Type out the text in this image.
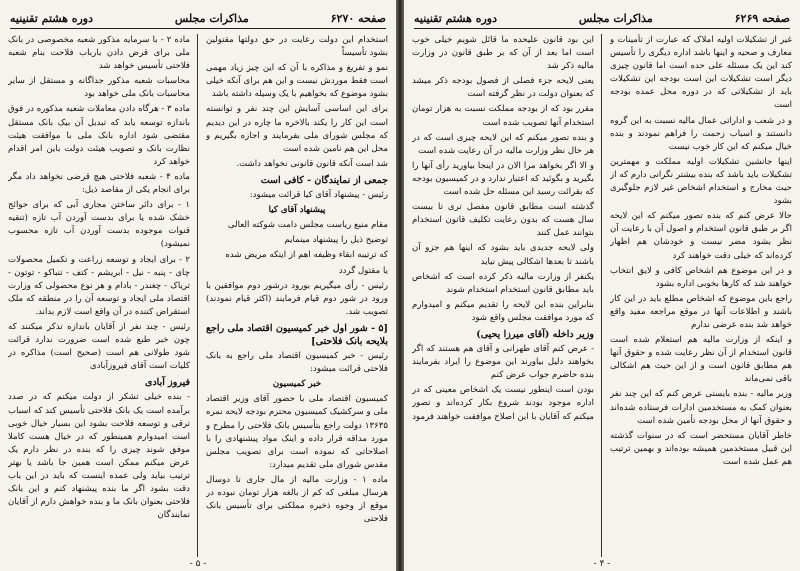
صفحه ۶۲۷۰
مذاکرات مجلس
دوره هشتم تقنینیه

استخدام این دولت رعایت در حق دولتها مقتولین بشود تأسیساً

نمو و تفریغ و مذاکره با آن که این چیز زیاد مهمی است فقط موردش نیست و این هم برای آنکه خیلی بشود موضوع که بخواهیم با یک وسیله داشته باشد

برای این اساسی آسایش این چند نفر و توانسته است این کار را یکند بالاخره ما چاره در این دیدیم که مجلس شورای ملی بفرمایند و اجازه بگیریم و محل این هم نامین شده است

شد است آنکه قانون قانونی نخواهد داشت.

جمعی از نمایندگان - کافی است

رئیس - پیشنهاد آقای کیا قرائت میشود:

پیشنهاد آقای کیا

مقام منیع ریاست مجلس دامت شوکته العالی

توضیح ذیل را پیشنهاد مینمایم

که ترتیبه ابقاء وظیفه اهم از اینکه مریض شده

یا مقتول گردد

رئیس - رأی میگیریم بورود درشور دوم موافقین با ورود در شور دوم قیام فرمایند (اکثر قیام نمودند) تصویب شد.

[۵ - شور اول خبر کمیسیون اقتصاد ملی راجع بلایحه بانک فلاحتی]

رئیس - خبر کمیسیون اقتصاد ملی راجع به بانک فلاحتی قرائت میشود:

خبر کمیسیون

کمیسیون اقتصاد ملی با حضور آقای وزیر اقتصاد ملی و سرکشیک کمیسیون محترم بودجه لایحه نمره ۱۳۶۳۵ دولت راجع بتأسیس بانک فلاحتی را مطرح و مورد مداقه قرار داده و اینک مواد پیشنهادی را با اصلاحاتی که نموده است برای تصویب مجلس مقدس شورای ملی تقدیم میدارد:

ماده ۱ - وزارت مالیه از مال جاری تا دوسال هرسال مبلغی که کم از بالغه هزار تومان نبوده در موقع از وجوه ذخیره مملکتی برای تأسیس بانک فلاحتی

ماده ۲ - با سرمایه مذکور شعبه مخصوصی در بانک ملی برای قرض دادن بارباب فلاحت بنام شعبه فلاحتی تأسیس خواهد شد

محاسبات شعبه مذکور جداگانه و مستقل از سایر محاسبات بانک ملی خواهد بود

ماده ۳ - هرگاه دادن معاملات شعبه مذکوره در فوق باندازه توسعه یابد که تبدیل آن بیک بانک مستقل مقتضی شود اداره بانک ملی با موافقت هیئت نظارت بانک و تصویب هیئت دولت باین امر اقدام خواهد کرد

ماده ۴ - شعبه فلاحتی هیچ قرضی نخواهد داد مگر برای انجام یکی از مقاصد ذیل:

۱ - برای دائر ساختن مجاری آبی که برای حوائج خشک شده یا برای بدست آوردن آب تازه (تنقیه قنوات موجوده بدست آوردن آب تازه محسوب نمیشود)

۲ - برای ایجاد و توسعه زراعت و تکمیل محصولات چای - پنبه - نیل - ابریشم - کتف - تنباکو - توتون - تریاک - چغندر - بادام و هر نوع محصولی که وزارت اقتصاد ملی ایجاد و توسعه آن را در منطقه که ملک استقراض کننده در آن واقع است لازم بداند.

رئیس - چند نفر از آقایان باندازه تذکر میکنند که چون خبر طبع شده است ضرورت ندارد قرائت شود طولانی هم است (صحیح است) مذاکره در کلیات است آقای فیروزآبادی

فیروز آبادی

- بنده خیلی تشکر از دولت میکنم که در صدد برآمده است یک بانک فلاحتی تأسیس کند که اسباب ترقی و توسعه فلاحت بشود این بسیار خیال خوبی است امیدوارم همینطور که در خیال هست کاملا موفق شوند چیزی را که بنده در نظر دارم یک عرض میکنم ممکن است همین جا باشد یا بهتر ترتیب بیاید ولی عمده اینست که باید در این باب دقت بشود اگر ما بنده پیشنهاد کنم و این بانک فلاحتی بعنوان بانک ما و بنده خواهش دارم از آقایان نمایندگان

- ۵ -
صفحه ۶۲۶۹
مذاکرات مجلس
دوره هشتم تقنینیه

غیر از تشکیلات اولیه املاک که عبارت از تأمینات و معارف و صحیه و اینها باشد اداره دیگری را تأسیس کند این یک مسئله علی حده است اما قانون چیزی دیگر است تشکیلات این است بودجه این تشکیلات باید از تشکیلاتی که در دوره محل عمده بودجه است

و در شعب و اداراتی عمال مالیه نسبت به این گروه دانستند و اسباب زحمت را فراهم نمودند و بنده خیال میکنم که این کار خوب نیست

اینها جانشین تشکیلات اولیه مملکت و مهمترین تشکیلات باید باشد که بنده بیشتر نگرانی دارم که از حیث مخارج و استخدام اشخاص غیر لازم جلوگیری بشود

حالا عرض کنم که بنده تصور میکنم که این لایحه اگر بر طبق قانون استخدام و اصول آن با رعایت آن نظر بشود مضر نیست و خودشان هم اظهار کرده‌اند که خیلی دقت خواهند کرد

و در این موضوع هم اشخاص کافی و لایق انتخاب خواهند شد که کارها بخوبی اداره بشود

راجع باین موضوع که اشخاص مطلع باید در این کار باشند و اطلاعات آنها در موقع مراجعه مفید واقع خواهد شد بنده عرضی ندارم

و اینکه از وزارت مالیه هم استعلام شده است قانون استخدام از آن نظر رعایت شده و حقوق آنها هم مطابق قانون است و از این حیث هم اشکالی باقی نمی‌ماند

وزیر مالیه - بنده بایستی عرض کنم که این چند نفر بعنوان کمک به مستخدمین ادارات فرستاده شده‌اند و حقوق آنها از محل بودجه تأمین شده است

خاطر آقایان مستحضر است که در سنوات گذشته این قبیل مستخدمین همیشه بوده‌اند و بهمین ترتیب هم عمل شده است

این بود قانون علیحده ما قائل شویم خیلی خوب است اما بعد از آن که بر طبق قانون در وزارت مالیه ذکر شد

یعنی لایحه جزء فصلی از فصول بودجه ذکر میشد که بعنوان دولت در نظر گرفته است

مقرر بود که از بودجه مملکت نسبت به هزار تومان استخدام آنها تصویب شده است

و بنده تصور میکنم که این لایحه چیزی است که در هر حال نظر وزارت مالیه در آن رعایت شده است

و الا اگر بخواهد مرا الان در اینجا بیاورید رأی آنها را بگیرید و بگوئید که اعتبار ندارد و در کمیسیون بودجه که بقرائت رسید این مسئله حل شده است

گذشته است مطابق قانون مفصل تری تا بیست سال هست که بدون رعایت تکلیف قانون استخدام بتوانند عمل کنند

ولی لایحه جدیدی باید بشود که اینها هم جزو آن باشند تا بعدها اشکالی پیش نیاید

یکنفر از وزارت مالیه ذکر کرده است که اشخاص باید مطابق قانون استخدام استخدام شوند

بنابراین بنده این لایحه را تقدیم میکنم و امیدوارم که مورد موافقت مجلس واقع شود

وزیر داخله (آقای میرزا یحیی)

- عرض کنم آقای طهرانی و آقای هم هستند که اگر بخواهند دلیل بیاورند این موضوع را ایراد بفرمایند بنده حاضرم جواب عرض کنم

بودن است اینطور نیست یک اشخاص معینی که در اداره موجود بودند شروع بکار کرده‌اند و تصور میکنم که آقایان با این اصلاح موافقت خواهند فرمود

- ۴ -
